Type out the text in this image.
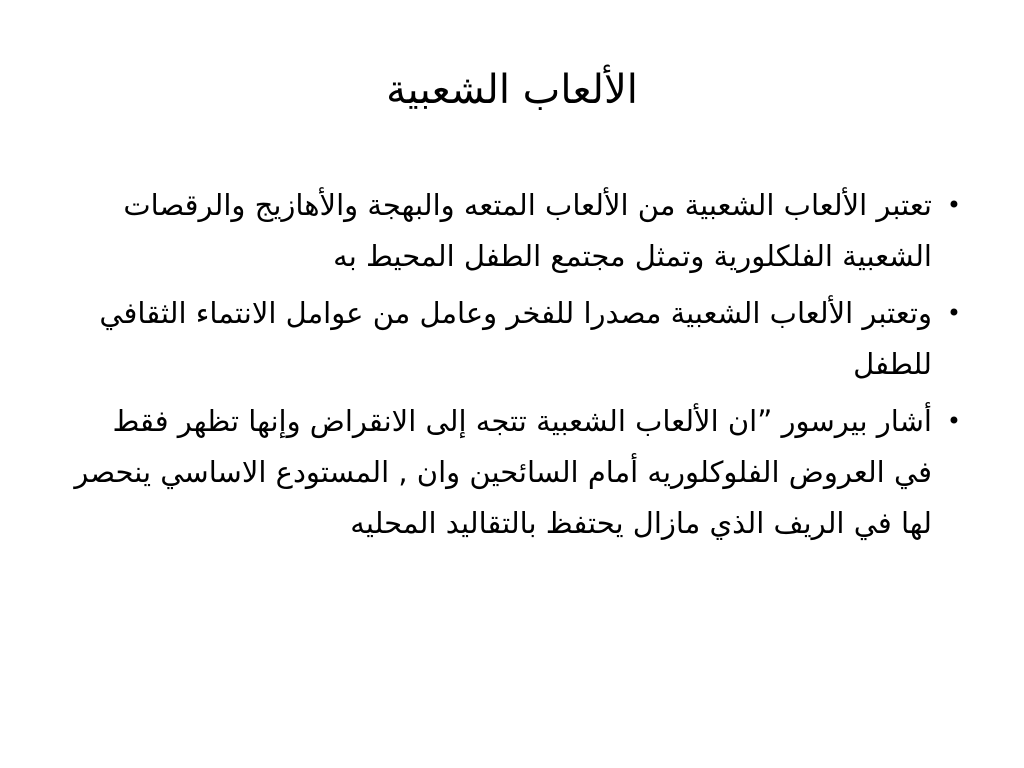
الألعاب الشعبية
•
تعتبر الألعاب الشعبية من الألعاب المتعه والبهجة والأهازيج والرقصات الشعبية الفلكلورية وتمثل مجتمع الطفل المحيط به
•
وتعتبر الألعاب الشعبية مصدرا للفخر وعامل من عوامل الانتماء الثقافي للطفل
•
أشار بيرسور ”ان الألعاب الشعبية تتجه إلى الانقراض وإنها تظهر فقط في العروض الفلوكلوريه أمام السائحين وان , المستودع الاساسي ينحصر لها في الريف الذي مازال يحتفظ بالتقاليد المحليه
